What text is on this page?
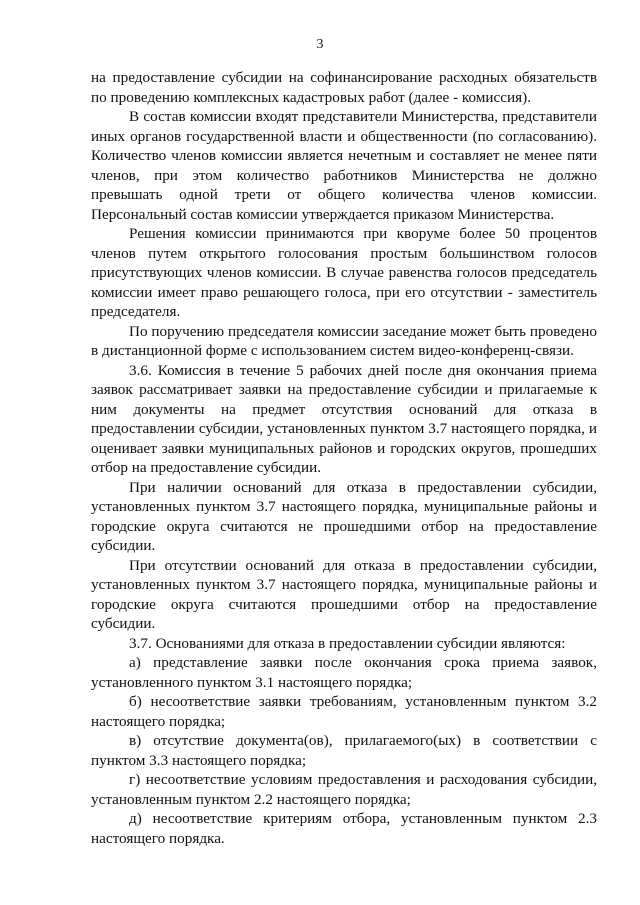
3

на предоставление субсидии на софинансирование расходных обязательств по проведению комплексных кадастровых работ (далее - комиссия).

В состав комиссии входят представители Министерства, представители иных органов государственной власти и общественности (по согласованию). Количество членов комиссии является нечетным и составляет не менее пяти членов, при этом количество работников Министерства не должно превышать одной трети от общего количества членов комиссии. Персональный состав комиссии утверждается приказом Министерства.

Решения комиссии принимаются при кворуме более 50 процентов членов путем открытого голосования простым большинством голосов присутствующих членов комиссии. В случае равенства голосов председатель комиссии имеет право решающего голоса, при его отсутствии - заместитель председателя.

По поручению председателя комиссии заседание может быть проведено в дистанционной форме с использованием систем видео-конференц-связи.

3.6. Комиссия в течение 5 рабочих дней после дня окончания приема заявок рассматривает заявки на предоставление субсидии и прилагаемые к ним документы на предмет отсутствия оснований для отказа в предоставлении субсидии, установленных пунктом 3.7 настоящего порядка, и оценивает заявки муниципальных районов и городских округов, прошедших отбор на предоставление субсидии.

При наличии оснований для отказа в предоставлении субсидии, установленных пунктом 3.7 настоящего порядка, муниципальные районы и городские округа считаются не прошедшими отбор на предоставление субсидии.

При отсутствии оснований для отказа в предоставлении субсидии, установленных пунктом 3.7 настоящего порядка, муниципальные районы и городские округа считаются прошедшими отбор на предоставление субсидии.

3.7. Основаниями для отказа в предоставлении субсидии являются:

а) представление заявки после окончания срока приема заявок, установленного пунктом 3.1 настоящего порядка;

б) несоответствие заявки требованиям, установленным пунктом 3.2 настоящего порядка;

в) отсутствие документа(ов), прилагаемого(ых) в соответствии с пунктом 3.3 настоящего порядка;

г) несоответствие условиям предоставления и расходования субсидии, установленным пунктом 2.2 настоящего порядка;

д) несоответствие критериям отбора, установленным пунктом 2.3 настоящего порядка.
